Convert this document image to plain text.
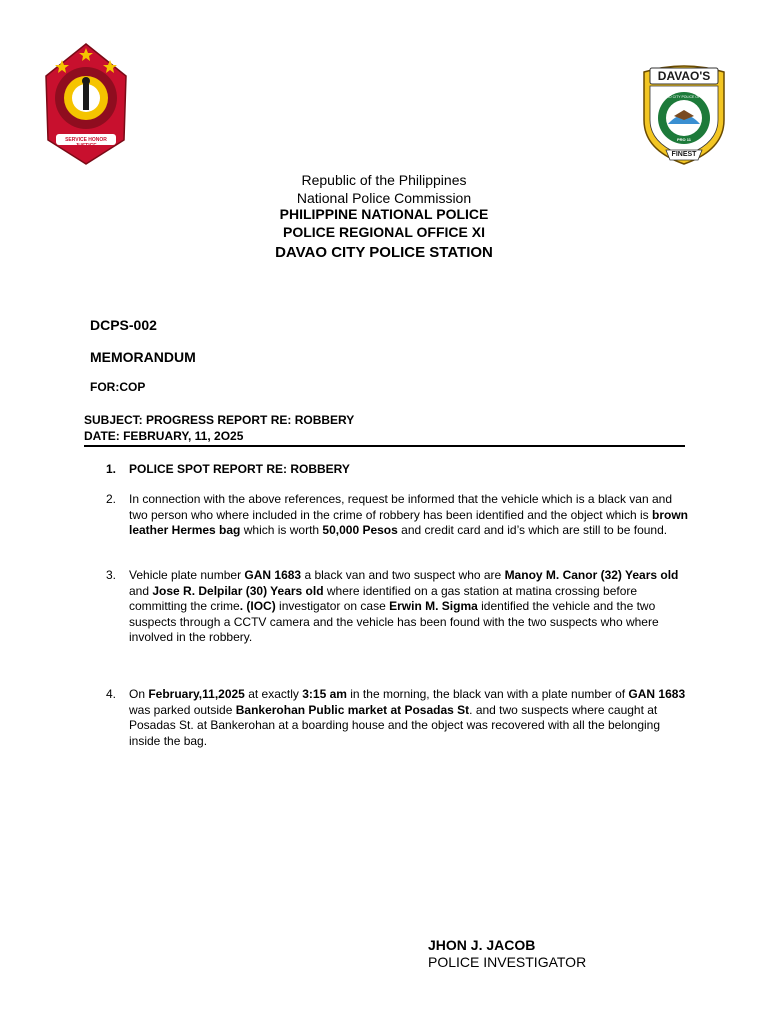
SERVICE HONOR JUSTICE
DAVAO'S
DAVAO CITY POLICE OFFICE
PRO 11
FINEST
Republic of the Philippines
National Police Commission
PHILIPPINE NATIONAL POLICE
POLICE REGIONAL OFFICE XI
DAVAO CITY POLICE STATION
DCPS-002
MEMORANDUM
FOR:COP
SUBJECT: PROGRESS REPORT RE: ROBBERY
DATE: FEBRUARY, 11, 2O25
1. POLICE SPOT REPORT RE: ROBBERY
2. In connection with the above references, request be informed that the vehicle which is a black van and two person who where included in the crime of robbery has been identified and the object which is brown leather Hermes bag which is worth 50,000 Pesos and credit card and id’s which are still to be found.
3. Vehicle plate number GAN 1683 a black van and two suspect who are Manoy M. Canor (32) Years old and Jose R. Delpilar (30) Years old where identified on a gas station at matina crossing before committing the crime. (IOC) investigator on case Erwin M. Sigma identified the vehicle and the two suspects through a CCTV camera and the vehicle has been found with the two suspects who where involved in the robbery.
4. On February,11,2025 at exactly 3:15 am in the morning, the black van with a plate number of GAN 1683 was parked outside Bankerohan Public market at Posadas St. and two suspects where caught at Posadas St. at Bankerohan at a boarding house and the object was recovered with all the belonging inside the bag.
JHON J. JACOB
POLICE INVESTIGATOR
